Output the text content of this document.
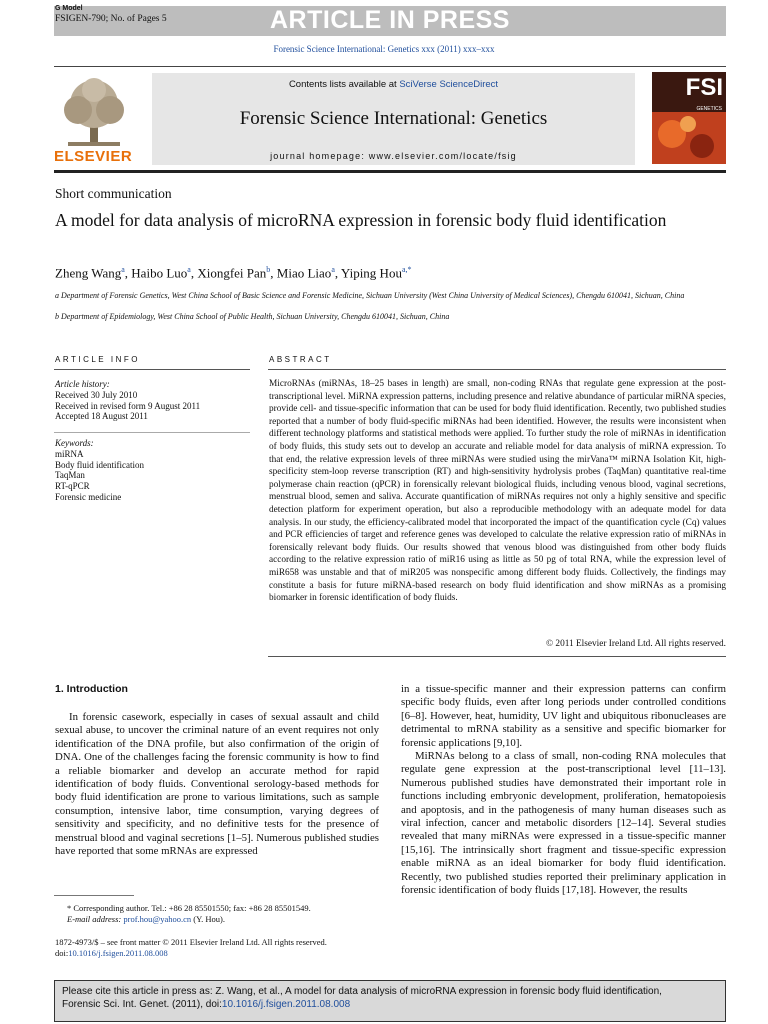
G Model
FSIGEN-790; No. of Pages 5	ARTICLE IN PRESS
Forensic Science International: Genetics xxx (2011) xxx–xxx
ELSEVIER
Contents lists available at SciVerse ScienceDirect
Forensic Science International: Genetics
journal homepage: www.elsevier.com/locate/fsig
FSI
GENETICS
Short communication
A model for data analysis of microRNA expression in forensic body fluid identification
Zheng Wang$^a$, Haibo Luo$^a$, Xiongfei Pan$^b$, Miao Liao$^a$, Yiping Hou$^{a,*}$
a Department of Forensic Genetics, West China School of Basic Science and Forensic Medicine, Sichuan University (West China University of Medical Sciences), Chengdu 610041, Sichuan, China
b Department of Epidemiology, West China School of Public Health, Sichuan University, Chengdu 610041, Sichuan, China
ARTICLE INFO	ABSTRACT
Article history:
Received 30 July 2010
Received in revised form 9 August 2011
Accepted 18 August 2011
Keywords:
miRNA
Body fluid identification
TaqMan
RT-qPCR
Forensic medicine
MicroRNAs (miRNAs, 18–25 bases in length) are small, non-coding RNAs that regulate gene expression at the post-transcriptional level. MiRNA expression patterns, including presence and relative abundance of particular miRNA species, provide cell- and tissue-specific information that can be used for body fluid identification. Recently, two published studies reported that a number of body fluid-specific miRNAs had been identified. However, the results were inconsistent when different technology platforms and statistical methods were applied. To further study the role of miRNAs in identification of body fluids, this study sets out to develop an accurate and reliable model for data analysis of miRNA expression. To that end, the relative expression levels of three miRNAs were studied using the mirVana™ miRNA Isolation Kit, high-specificity stem-loop reverse transcription (RT) and high-sensitivity hydrolysis probes (TaqMan) quantitative real-time polymerase chain reaction (qPCR) in forensically relevant biological fluids, including venous blood, vaginal secretions, menstrual blood, semen and saliva. Accurate quantification of miRNAs requires not only a highly sensitive and specific detection platform for experiment operation, but also a reproducible methodology with an adequate model for data analysis. In our study, the efficiency-calibrated model that incorporated the impact of the quantification cycle (Cq) values and PCR efficiencies of target and reference genes was developed to calculate the relative expression ratio of miRNAs in forensically relevant body fluids. Our results showed that venous blood was distinguished from other body fluids according to the relative expression ratio of miR16 using as little as 50 pg of total RNA, while the expression level of miR658 was unstable and that of miR205 was nonspecific among different body fluids. Collectively, the findings may constitute a basis for future miRNA-based research on body fluid identification and show miRNAs as a promising biomarker in forensic identification of body fluids.
© 2011 Elsevier Ireland Ltd. All rights reserved.
1. Introduction
In forensic casework, especially in cases of sexual assault and child sexual abuse, to uncover the criminal nature of an event requires not only identification of the DNA profile, but also confirmation of the origin of DNA. One of the challenges facing the forensic community is how to find a reliable biomarker and develop an accurate method for rapid identification of body fluids. Conventional serology-based methods for body fluid identification are prone to various limitations, such as sample consumption, intensive labor, time consumption, varying degrees of sensitivity and specificity, and no definitive tests for the presence of menstrual blood and vaginal secretions [1–5]. Numerous published studies have reported that some mRNAs are expressed

in a tissue-specific manner and their expression patterns can confirm specific body fluids, even after long periods under controlled conditions [6–8]. However, heat, humidity, UV light and ubiquitous ribonucleases are detrimental to mRNA stability as a sensitive and specific biomarker for forensic applications [9,10].

MiRNAs belong to a class of small, non-coding RNA molecules that regulate gene expression at the post-transcriptional level [11–13]. Numerous published studies have demonstrated their important role in functions including embryonic development, proliferation, hematopoiesis and apoptosis, and in the pathogenesis of many human diseases such as viral infection, cancer and metabolic disorders [12–14]. Several studies revealed that many miRNAs were expressed in a tissue-specific manner [15,16]. The intrinsically short fragment and tissue-specific expression enable miRNA as an ideal biomarker for body fluid identification. Recently, two published studies reported their preliminary application in forensic identification of body fluids [17,18]. However, the results

* Corresponding author. Tel.: +86 28 85501550; fax: +86 28 85501549.
E-mail address: prof.hou@yahoo.cn (Y. Hou).
1872-4973/$ – see front matter © 2011 Elsevier Ireland Ltd. All rights reserved.
doi:10.1016/j.fsigen.2011.08.008
Please cite this article in press as: Z. Wang, et al., A model for data analysis of microRNA expression in forensic body fluid identification,
Forensic Sci. Int. Genet. (2011), doi:10.1016/j.fsigen.2011.08.008
